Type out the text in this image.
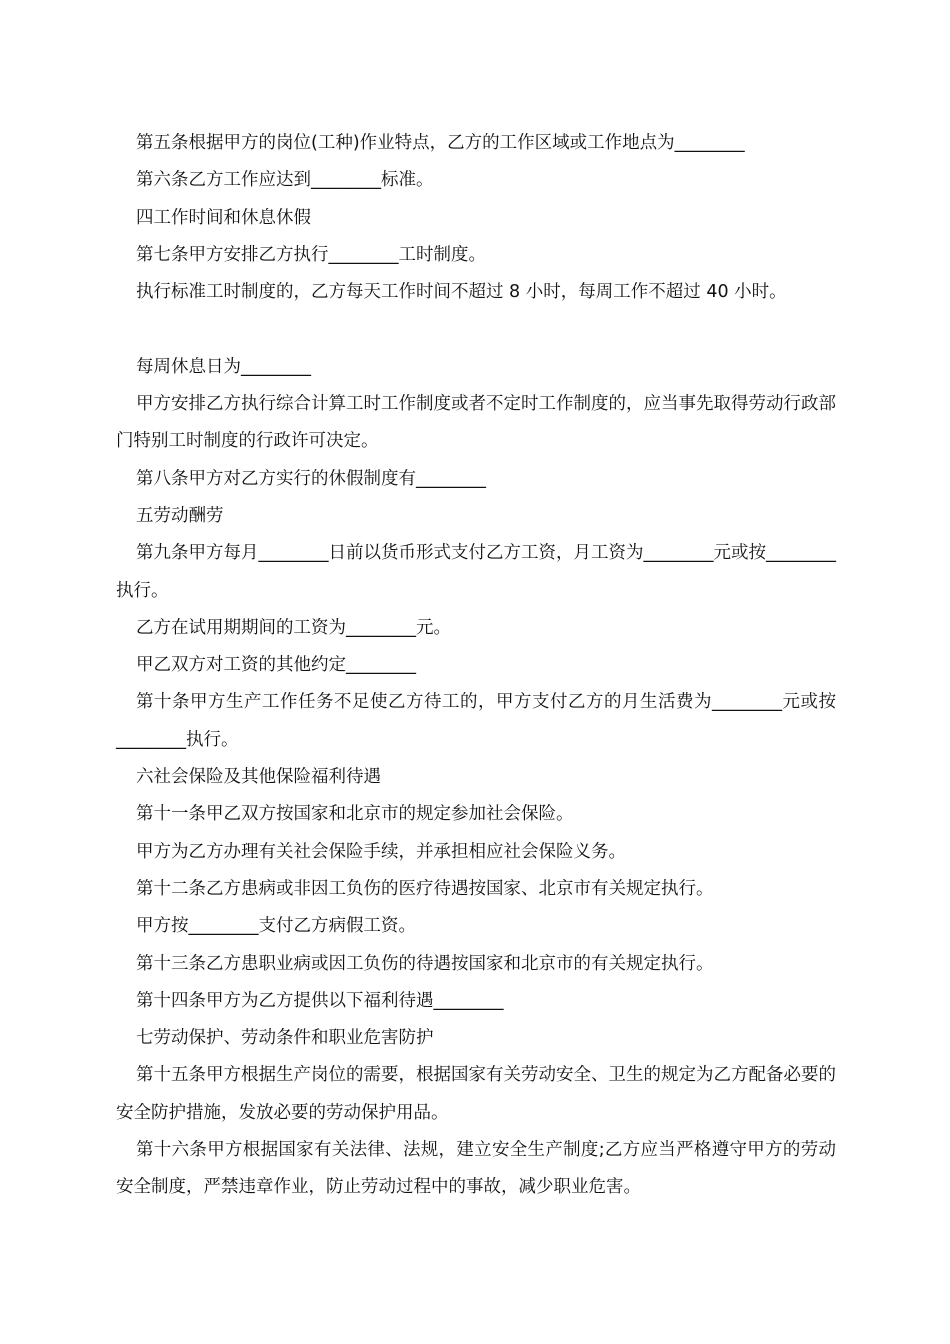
第五条根据甲方的岗位(工种)作业特点，乙方的工作区域或工作地点为________

第六条乙方工作应达到________标准。

四工作时间和休息休假

第七条甲方安排乙方执行________工时制度。

执行标准工时制度的，乙方每天工作时间不超过 8 小时，每周工作不超过 40 小时。

每周休息日为________

甲方安排乙方执行综合计算工时工作制度或者不定时工作制度的，应当事先取得劳动行政部门特别工时制度的行政许可决定。

第八条甲方对乙方实行的休假制度有________

五劳动酬劳

第九条甲方每月________日前以货币形式支付乙方工资，月工资为________元或按________执行。

乙方在试用期期间的工资为________元。

甲乙双方对工资的其他约定________

第十条甲方生产工作任务不足使乙方待工的，甲方支付乙方的月生活费为________元或按________执行。

六社会保险及其他保险福利待遇

第十一条甲乙双方按国家和北京市的规定参加社会保险。

甲方为乙方办理有关社会保险手续，并承担相应社会保险义务。

第十二条乙方患病或非因工负伤的医疗待遇按国家、北京市有关规定执行。

甲方按________支付乙方病假工资。

第十三条乙方患职业病或因工负伤的待遇按国家和北京市的有关规定执行。

第十四条甲方为乙方提供以下福利待遇________

七劳动保护、劳动条件和职业危害防护

第十五条甲方根据生产岗位的需要，根据国家有关劳动安全、卫生的规定为乙方配备必要的安全防护措施，发放必要的劳动保护用品。

第十六条甲方根据国家有关法律、法规，建立安全生产制度;乙方应当严格遵守甲方的劳动安全制度，严禁违章作业，防止劳动过程中的事故，减少职业危害。
